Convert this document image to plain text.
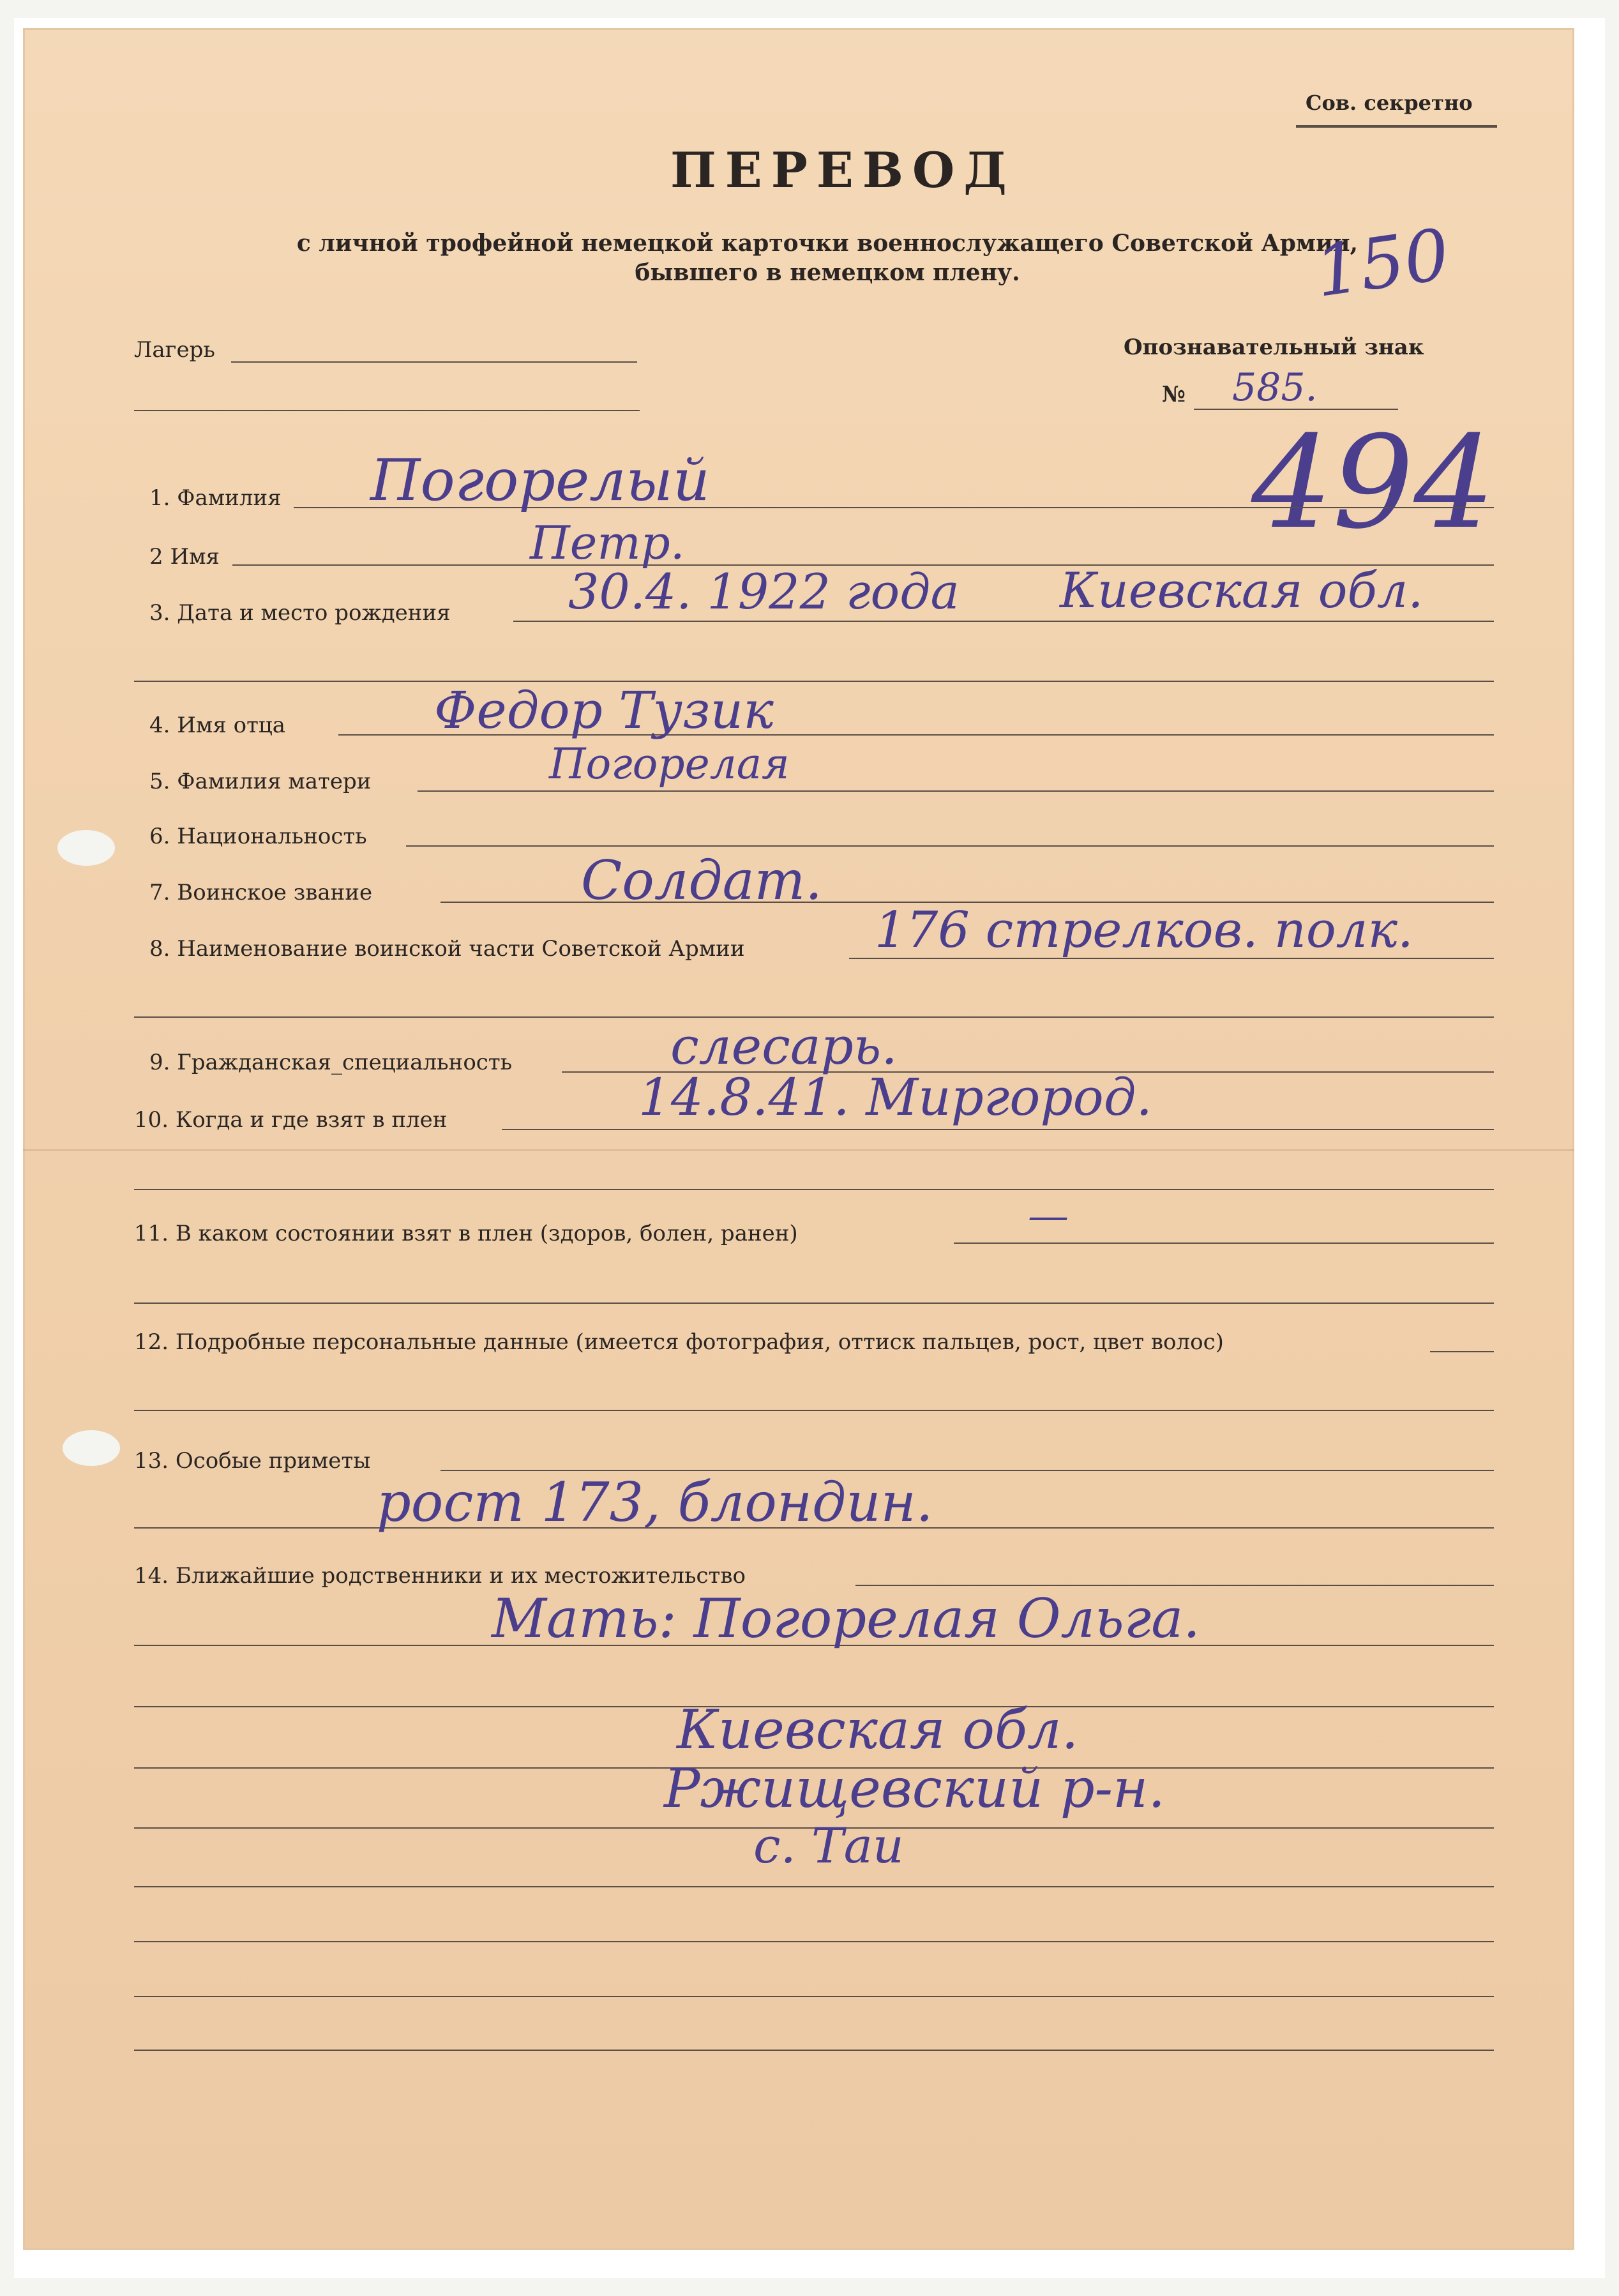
Сов. секретно
ПЕРЕВОД
с личной трофейной немецкой карточки военнослужащего Советской Армии,
бывшего в немецком плену.
Лагерь	Опознавательный знак
№ 585.
150
494
1. Фамилия Погорелый
2 Имя	Петр.
3. Дата и место рождения 30.4. 1922 года Киевская обл.
4. Имя отца	Федор Тузик
5. Фамилия матери	Погорелая
6. Национальность
7. Воинское звание	Солдат.
8. Наименование воинской части Советской Армии	176 стрелков. полк.
9. Гражданская_специальность	слесарь.
10. Когда и где взят в плен	14.8.41. Миргород.
11. В каком состоянии взят в плен (здоров, болен, ранен)	—
12. Подробные персональные данные (имеется фотография, оттиск пальцев, рост, цвет волос)
13. Особые приметы
рост 173, блондин.
14. Ближайшие родственники и их местожительство
Мать: Погорелая Ольга.
Киевская обл.
Ржищевский р-н.
с. Таи
